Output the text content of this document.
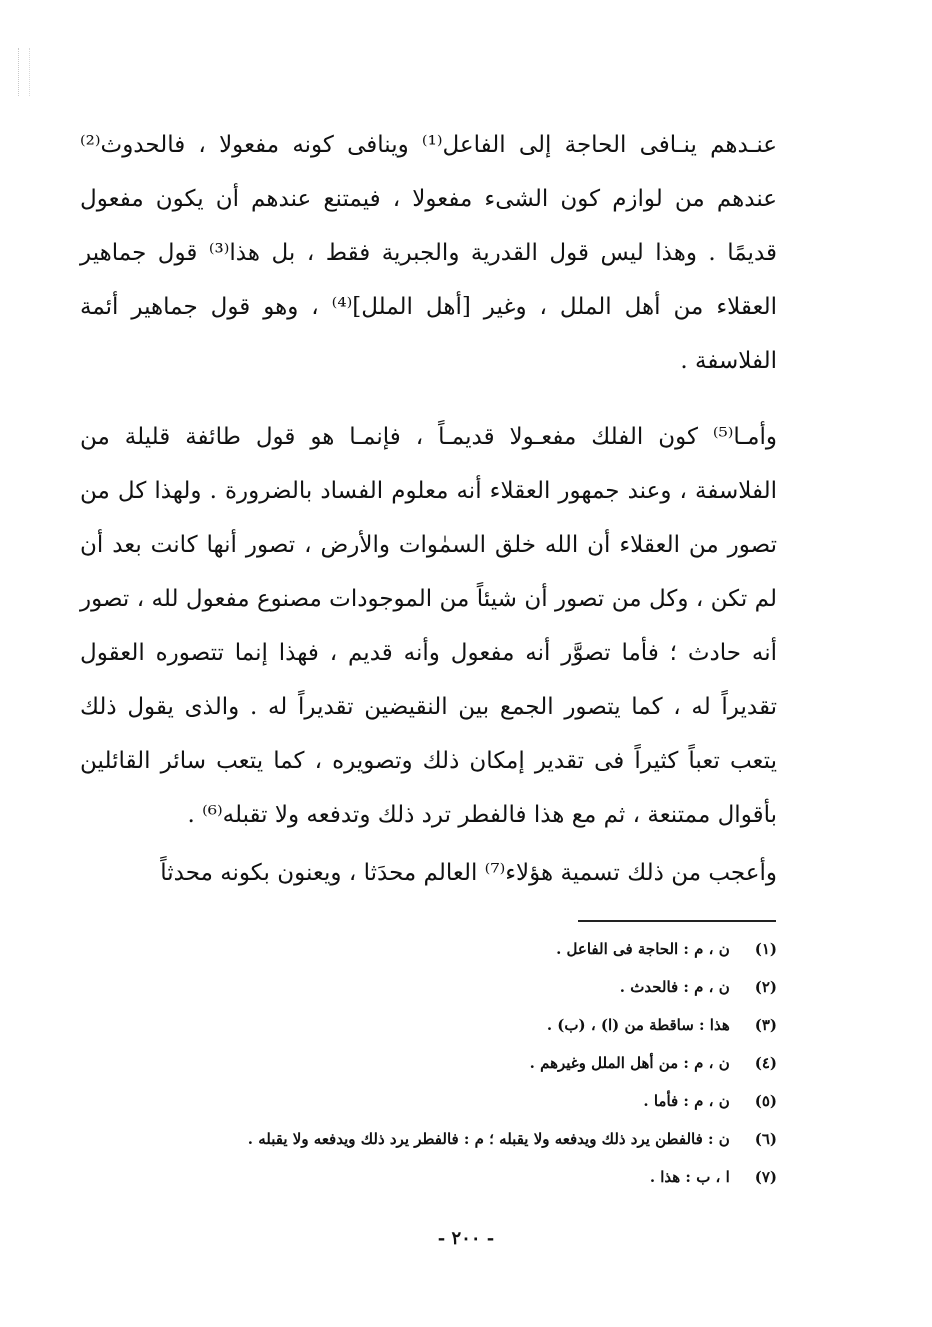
عنـدهم ينـافى الحاجة إلى الفاعل⁽¹⁾ وينافى كونه مفعولا ، فالحدوث⁽²⁾ عندهم من لوازم كون الشىء مفعولا ، فيمتنع عندهم أن يكون مفعول قديمًا . وهذا ليس قول القدرية والجبرية فقط ، بل هذا⁽³⁾ قول جماهير العقلاء من أهل الملل ، وغير [أهل الملل]⁽⁴⁾ ، وهو قول جماهير أئمة الفلاسفة .

وأمـا⁽⁵⁾ كون الفلك مفعـولا قديمـاً ، فإنمـا هو قول طائفة قليلة من الفلاسفة ، وعند جمهور العقلاء أنه معلوم الفساد بالضرورة . ولهذا كل من تصور من العقلاء أن الله خلق السمٰوات والأرض ، تصور أنها كانت بعد أن لم تكن ، وكل من تصور أن شيئاً من الموجودات مصنوع مفعول لله ، تصور أنه حادث ؛ فأما تصوَّر أنه مفعول وأنه قديم ، فهذا إنما تتصوره العقول تقديراً له ، كما يتصور الجمع بين النقيضين تقديراً له . والذى يقول ذلك يتعب تعباً كثيراً فى تقدير إمكان ذلك وتصويره ، كما يتعب سائر القائلين بأقوال ممتنعة ، ثم مع هذا فالفطر ترد ذلك وتدفعه ولا تقبله⁽⁶⁾ .

وأعجب من ذلك تسمية هؤلاء⁽⁷⁾ العالم محدَثا ، ويعنون بكونه محدثاً

(١) ن ، م : الحاجة فى الفاعل .
(٢) ن ، م : فالحدث .
(٣) هذا : ساقطة من (ا) ، (ب) .
(٤) ن ، م : من أهل الملل وغيرهم .
(٥) ن ، م : فأما .
(٦) ن : فالفطن يرد ذلك ويدفعه ولا يقبله ؛ م : فالفطر يرد ذلك ويدفعه ولا يقبله .
(٧) ا ، ب : هذا .
- ٢٠٠ -
